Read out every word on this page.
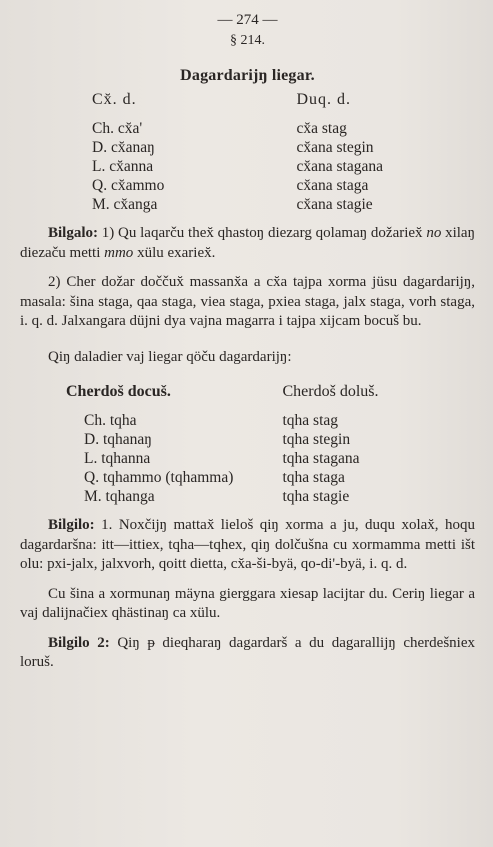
— 274 —
§ 214.
Dagardarijŋ liegar.
Cx̆. d.
Ch. cx̆a'
D. cx̆anaŋ
L. cx̆anna
Q. cx̆ammo
M. cx̆anga
Duq. d.
cx̆a stag
cx̆ana stegin
cx̆ana stagana
cx̆ana staga
cx̆ana stagie
Bilgalo: 1) Qu laqarču thex̆ qhastoŋ diezarg qolamaŋ dožariex̆ no xilaŋ diezaču metti mmo xülu exariex̆.
2) Cher dožar doččux̆ massanx̆a a cx̆a tajpa xorma jüsu dagardarijŋ, masala: šina staga, qaa staga, viea staga, pxiea staga, jalx staga, vorh staga, i. q. d. Jalxangara düjni dya vajna magarra i tajpa xijcam bocuš bu.
Qiŋ daladier vaj liegar qöču dagardarijŋ:
Cherdoš docuš.
Ch. tqha
D. tqhanaŋ
L. tqhanna
Q. tqhammo (tqhamma)
M. tqhanga
Cherdoš doluš.
tqha stag
tqha stegin
tqha stagana
tqha staga
tqha stagie
Bilgilo: 1. Noxčijŋ mattax̆ lieloš qiŋ xorma a ju, duqu xolax̆, hoqu dagardaršna: itt—ittiex, tqha—tqhex, qiŋ dolčušna cu xormamma metti išt olu: pxi-jalx, jalxvorh, qoitt dietta, cx̆a-ši-byä, qo-di'-byä, i. q. d.
Cu šina a xormunaŋ mäyna gierggara xiesap lacijtar du. Ceriŋ liegar a vaj dalijnačiex qhästinaŋ ca xülu.
Bilgilo 2: Qiŋ ᵽ dieqharaŋ dagardarš a du dagarallijŋ cherdešniex loruš.
